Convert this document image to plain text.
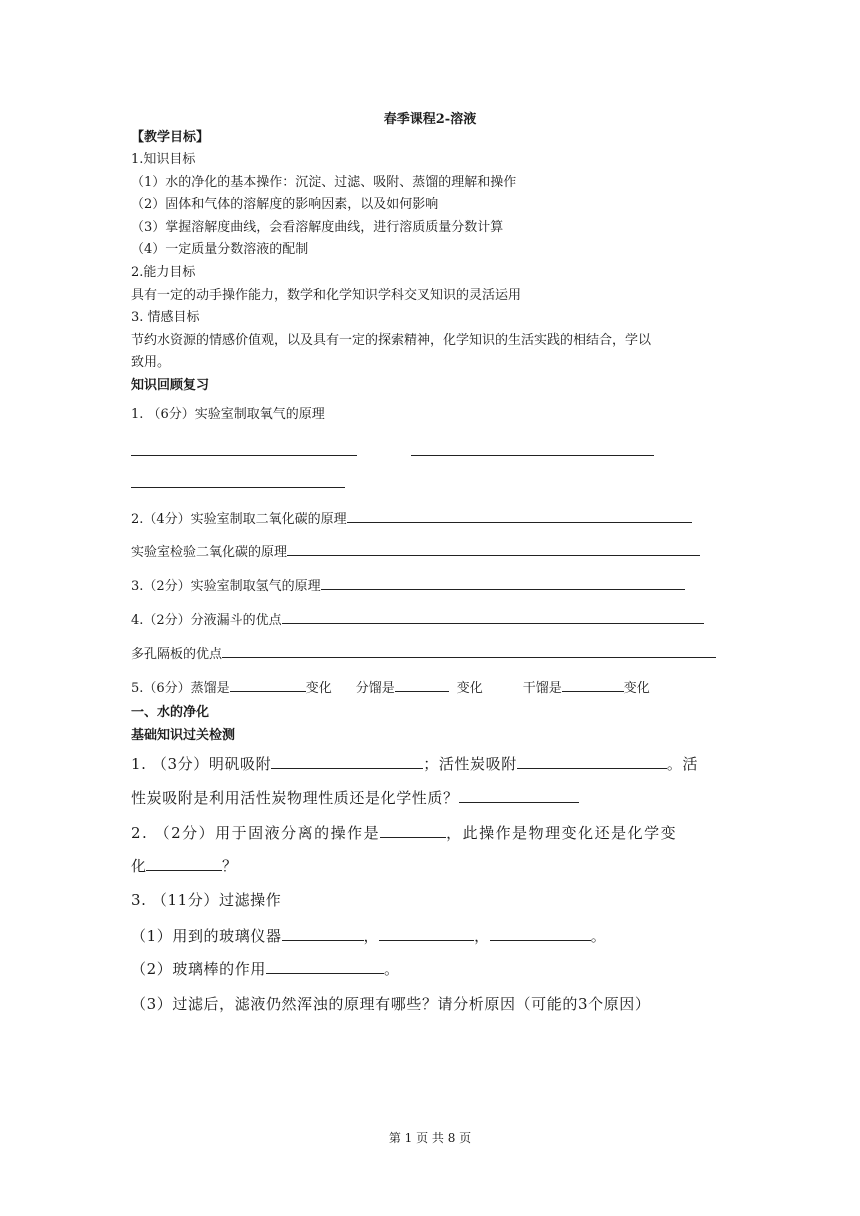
春季课程2-溶液
【教学目标】
1.知识目标
（1）水的净化的基本操作：沉淀、过滤、吸附、蒸馏的理解和操作
（2）固体和气体的溶解度的影响因素，以及如何影响
（3）掌握溶解度曲线，会看溶解度曲线，进行溶质质量分数计算
（4）一定质量分数溶液的配制
2.能力目标
具有一定的动手操作能力，数学和化学知识学科交叉知识的灵活运用
3. 情感目标
节约水资源的情感价值观，以及具有一定的探索精神，化学知识的生活实践的相结合，学以
致用。
知识回顾复习
1. （6分）实验室制取氧气的原理
2.（4分）实验室制取二氧化碳的原理
实验室检验二氧化碳的原理
3.（2分）实验室制取氢气的原理
4.（2分）分液漏斗的优点
多孔隔板的优点
5.（6分）蒸馏是	变化 分馏是	变化	干馏是	变化
一、水的净化
基础知识过关检测
1. （3分）明矾吸附	；活性炭吸附	。活
性炭吸附是利用活性炭物理性质还是化学性质？
2. （2分）用于固液分离的操作是	，此操作是物理变化还是化学变
化	？
3. （11分）过滤操作
（1）用到的玻璃仪器	，	，	。
（2）玻璃棒的作用	。
（3）过滤后，滤液仍然浑浊的原理有哪些？请分析原因（可能的3个原因）
第 1 页 共 8 页
